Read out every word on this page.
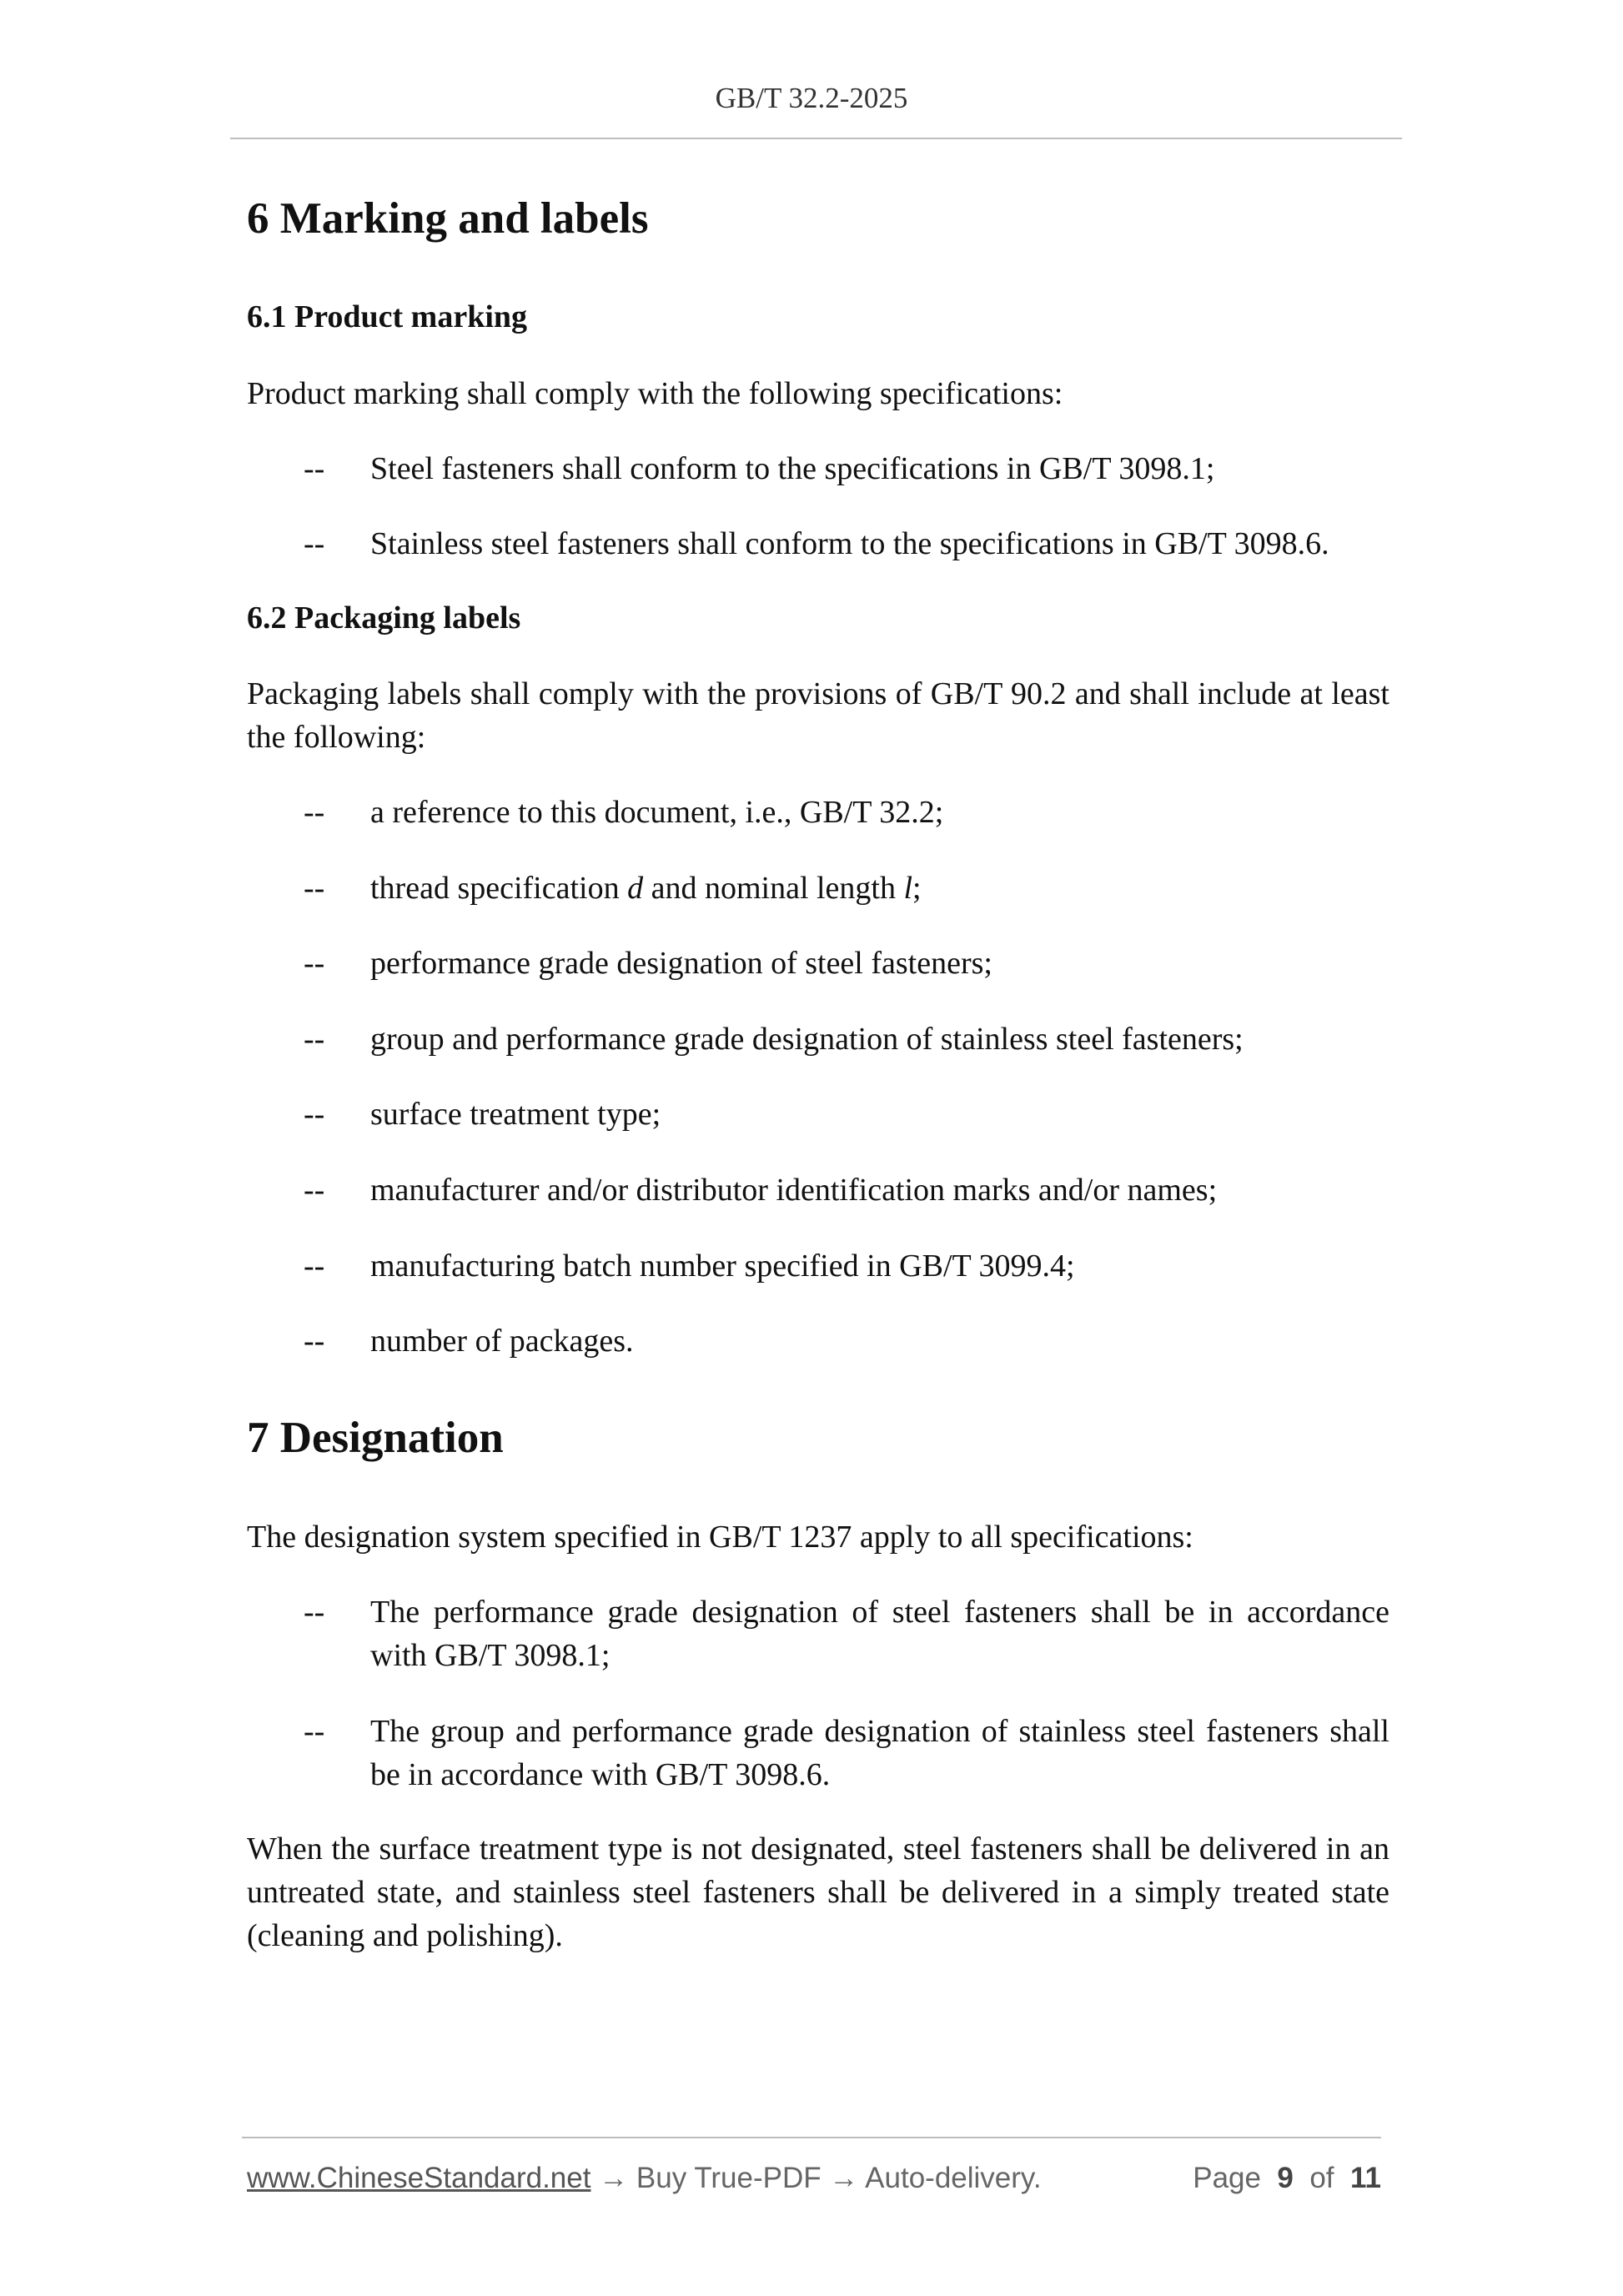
GB/T 32.2-2025
6 Marking and labels
6.1 Product marking

Product marking shall comply with the following specifications:

-- Steel fasteners shall conform to the specifications in GB/T 3098.1;
-- Stainless steel fasteners shall conform to the specifications in GB/T 3098.6.
6.2 Packaging labels

Packaging labels shall comply with the provisions of GB/T 90.2 and shall include at least the following:

-- a reference to this document, i.e., GB/T 32.2;
-- thread specification d and nominal length l;
-- performance grade designation of steel fasteners;
-- group and performance grade designation of stainless steel fasteners;
-- surface treatment type;
-- manufacturer and/or distributor identification marks and/or names;
-- manufacturing batch number specified in GB/T 3099.4;
-- number of packages.
7 Designation

The designation system specified in GB/T 1237 apply to all specifications:

-- The performance grade designation of steel fasteners shall be in accordance with GB/T 3098.1;
-- The group and performance grade designation of stainless steel fasteners shall be in accordance with GB/T 3098.6.

When the surface treatment type is not designated, steel fasteners shall be delivered in an untreated state, and stainless steel fasteners shall be delivered in a simply treated state (cleaning and polishing).

www.ChineseStandard.net → Buy True-PDF → Auto-delivery.	Page 9 of 11
